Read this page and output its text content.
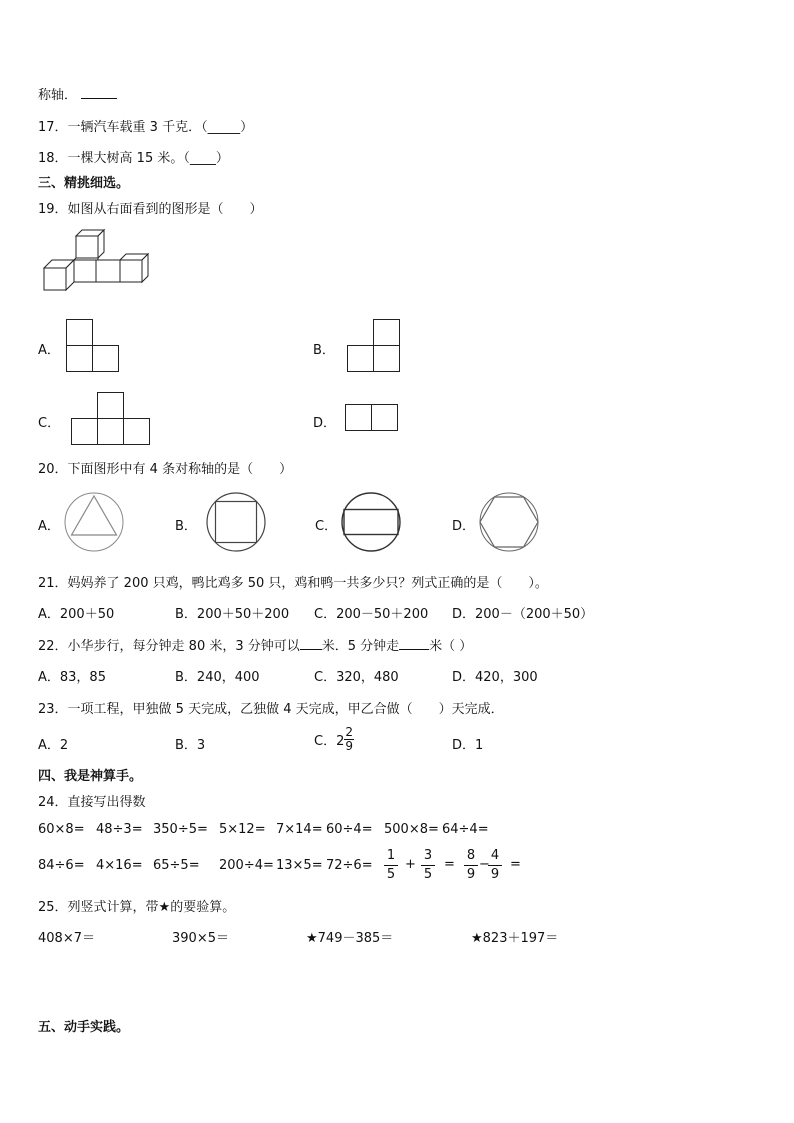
称轴．
17．一辆汽车载重 3 千克．（_____）
18．一棵大树高 15 米。（____）
三、精挑细选。
19．如图从右面看到的图形是（　　）
A．	B．
C．	D．
20．下面图形中有 4 条对称轴的是（　　）
A．	B．	C．	D．
21．妈妈养了 200 只鸡，鸭比鸡多 50 只，鸡和鸭一共多少只？列式正确的是（　　）。
A．200＋50	B．200＋50＋200 C．200－50＋200 D．200－（200＋50）
22．小华步行，每分钟走 80 米，3 分钟可以 米．5 分钟走 米（ ）
A．83，85	B．240，400	C．320，480	D．420，300
23．一项工程，甲独做 5 天完成，乙独做 4 天完成，甲乙合做（　　）天完成．
A．2	B．3	C．$2 \frac{2}{9}$	D．1
四、我是神算手。
24．直接写出得数
60×8= 48÷3= 350÷5= 5×12= 7×14= 60÷4= 500×8= 64÷4=
$84\div 6= 4\times 16= 65\div 5= 200\div 4= 13\times 5= 72\div 6= \frac{1}{5} + \frac{3}{5} = \frac{8}{9}$ −
$\frac{4}{9}$ =
25．列竖式计算，带★的要验算。
408×7＝	390×5＝	★749－385＝	★823＋197＝
五、动手实践。
